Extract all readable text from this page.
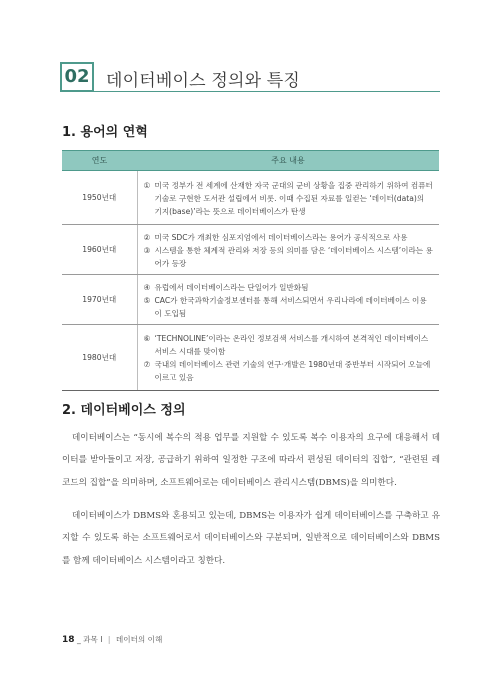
02 데이터베이스 정의와 특징
1. 용어의 연혁
연도	주요 내용
1950년대	① 미국 정부가 전 세계에 산재한 자국 군대의 군비 상황을 집중 관리하기 위하여 컴퓨터 기술로 구현한 도서관 설립에서 비롯. 이때 수집된 자료를 일컫는 ‘데이터(data)의 기지(base)’라는 뜻으로 데이터베이스가 탄생

1960년대	② 미국 SDC가 개최한 심포지엄에서 데이터베이스라는 용어가 공식적으로 사용
③ 시스템을 통한 체계적 관리와 저장 등의 의미를 담은 ‘데이터베이스 시스템’이라는 용어가 등장

1970년대	④ 유럽에서 데이터베이스라는 단일어가 일반화됨
⑤ CAC가 한국과학기술정보센터를 통해 서비스되면서 우리나라에 데이터베이스 이용이 도입됨

1980년대	⑥ ‘TECHNOLINE’이라는 온라인 정보검색 서비스를 개시하여 본격적인 데이터베이스 서비스 시대를 맞이함
⑦ 국내의 데이터베이스 관련 기술의 연구·개발은 1980년대 중반부터 시작되어 오늘에 이르고 있음
2. 데이터베이스 정의

데이터베이스는 “동시에 복수의 적용 업무를 지원할 수 있도록 복수 이용자의 요구에 대응해서 데이터를 받아들이고 저장, 공급하기 위하여 일정한 구조에 따라서 편성된 데이터의 집합”, “관련된 레코드의 집합”을 의미하며, 소프트웨어로는 데이터베이스 관리시스템(DBMS)을 의미한다.

데이터베이스가 DBMS와 혼용되고 있는데, DBMS는 이용자가 쉽게 데이터베이스를 구축하고 유지할 수 있도록 하는 소프트웨어로서 데이터베이스와 구분되며, 일반적으로 데이터베이스와 DBMS를 함께 데이터베이스 시스템이라고 칭한다.

18 _ 과목 Ⅰ | 데이터의 이해
